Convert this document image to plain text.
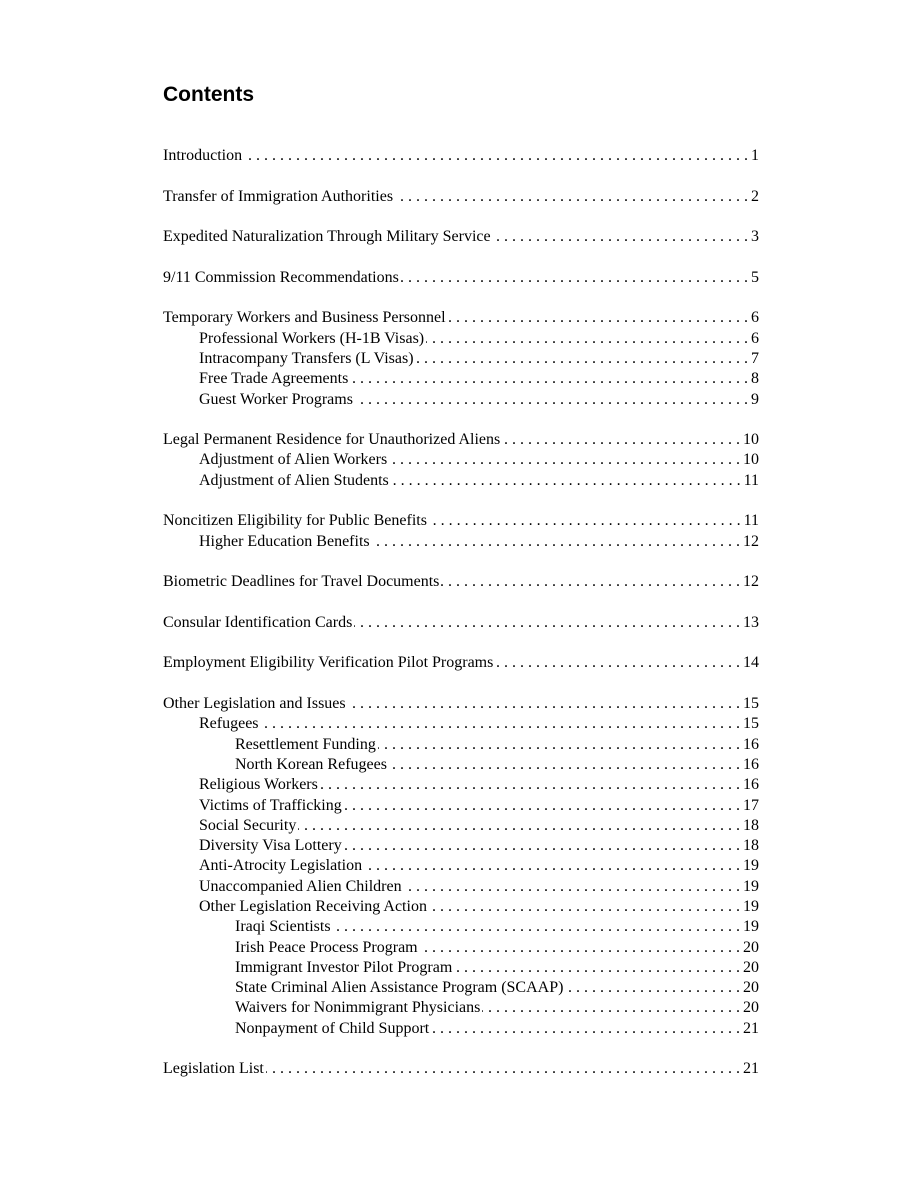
Contents
Introduction . . .	1
Transfer of Immigration Authorities . . .	2
Expedited Naturalization Through Military Service . . .	3
9/11 Commission Recommendations . . .	5
Temporary Workers and Business Personnel . . .	6
Professional Workers (H-1B Visas) . . .	6
Intracompany Transfers (L Visas) . . .	7
Free Trade Agreements . . .	8
Guest Worker Programs . . .	9
Legal Permanent Residence for Unauthorized Aliens . . .	10
Adjustment of Alien Workers . . .	10
Adjustment of Alien Students . . .	11
Noncitizen Eligibility for Public Benefits . . .	11
Higher Education Benefits . . .	12
Biometric Deadlines for Travel Documents . . .	12
Consular Identification Cards . . .	13
Employment Eligibility Verification Pilot Programs . . .	14
Other Legislation and Issues . . .	15
Refugees . . .	15
Resettlement Funding . . .	16
North Korean Refugees . . .	16
Religious Workers . . .	16
Victims of Trafficking . . .	17
Social Security . . .	18
Diversity Visa Lottery . . .	18
Anti-Atrocity Legislation . . .	19
Unaccompanied Alien Children . . .	19
Other Legislation Receiving Action . . .	19
Iraqi Scientists . . .	19
Irish Peace Process Program . . .	20
Immigrant Investor Pilot Program . . .	20
State Criminal Alien Assistance Program (SCAAP) . . .	20
Waivers for Nonimmigrant Physicians . . .	20
Nonpayment of Child Support . . .	21
Legislation List . . .	21
